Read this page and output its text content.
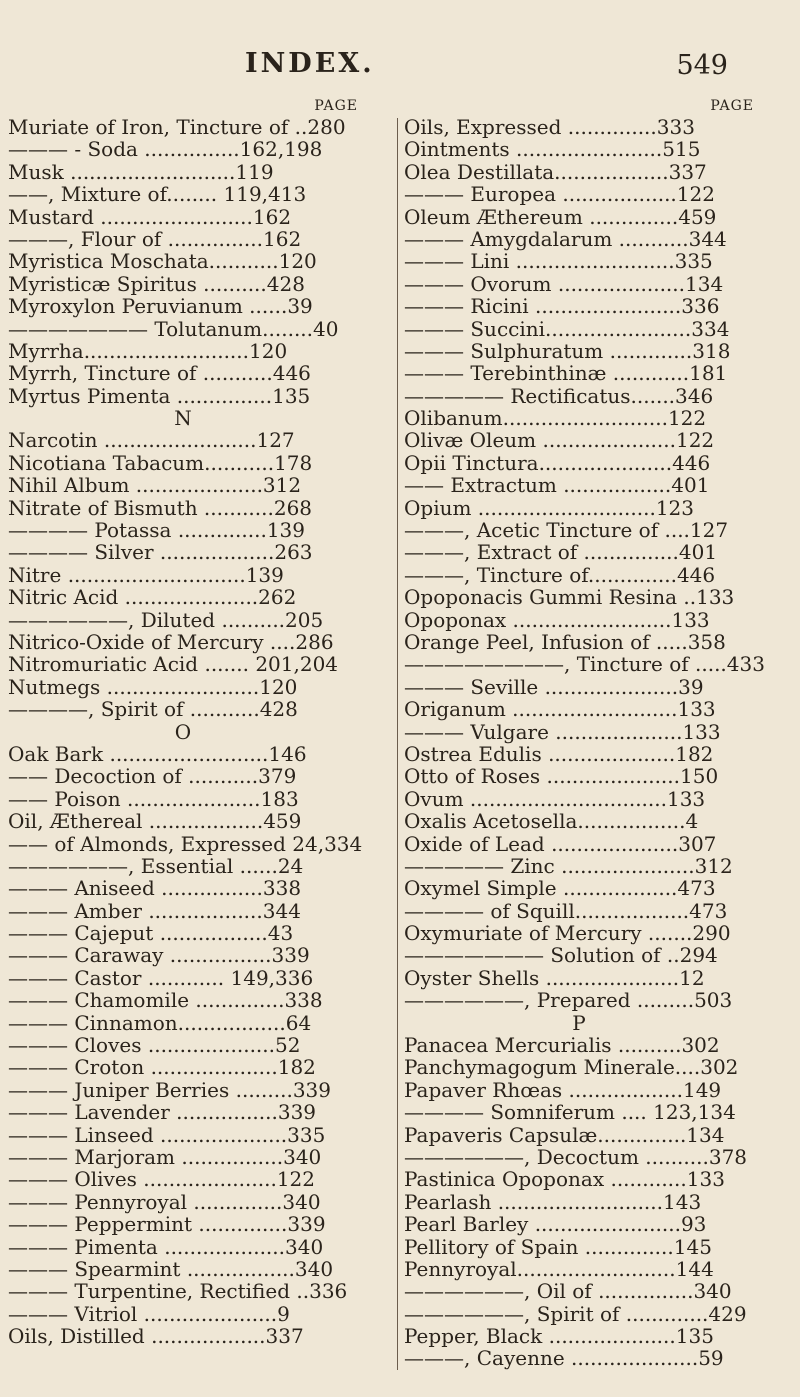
INDEX.	549
PAGE
Muriate of Iron, Tincture of .. 280
——— - Soda ...............162, 198
Musk .......................... 119
——, Mixture of........ 119, 413
Mustard ........................ 162
———, Flour of ............... 162
Myristica Moschata........... 120
Myristicæ Spiritus .......... 428
Myroxylon Peruvianum ...... 39
——————— Tolutanum........ 40
Myrrha.......................... 120
Myrrh, Tincture of ........... 446
Myrtus Pimenta ............... 135
N
Narcotin ........................ 127
Nicotiana Tabacum........... 178
Nihil Album .................... 312
Nitrate of Bismuth ........... 268
———— Potassa .............. 139
———— Silver .................. 263
Nitre ............................ 139
Nitric Acid ..................... 262
——————, Diluted .......... 205
Nitrico-Oxide of Mercury .... 286
Nitromuriatic Acid ....... 201, 204
Nutmegs ........................ 120
————, Spirit of ........... 428
O
Oak Bark ......................... 146
—— Decoction of ........... 379
—— Poison ..................... 183
Oil, Æthereal .................. 459
—— of Almonds, Expressed 24, 334
——————, Essential ...... 24
——— Aniseed ................ 338
——— Amber .................. 344
——— Cajeput ................. 43
——— Caraway ................ 339
——— Castor ............ 149, 336
——— Chamomile .............. 338
——— Cinnamon................. 64
——— Cloves .................... 52
——— Croton .................... 182
——— Juniper Berries ......... 339
——— Lavender ................ 339
——— Linseed .................... 335
——— Marjoram ................ 340
——— Olives ..................... 122
——— Pennyroyal .............. 340
——— Peppermint .............. 339
——— Pimenta ................... 340
——— Spearmint ................. 340
——— Turpentine, Rectified .. 336
——— Vitriol ..................... 9
Oils, Distilled .................. 337
PAGE
Oils, Expressed .............. 333
Ointments ....................... 515
Olea Destillata.................. 337
——— Europea .................. 122
Oleum Æthereum .............. 459
——— Amygdalarum ........... 344
——— Lini ......................... 335
——— Ovorum .................... 134
——— Ricini ....................... 336
——— Succini....................... 334
——— Sulphuratum ............. 318
——— Terebinthinæ ............ 181
————— Rectificatus....... 346
Olibanum.......................... 122
Olivæ Oleum ..................... 122
Opii Tinctura..................... 446
—— Extractum ................. 401
Opium ............................ 123
———, Acetic Tincture of .... 127
———, Extract of ............... 401
———, Tincture of.............. 446
Opoponacis Gummi Resina .. 133
Opoponax ......................... 133
Orange Peel, Infusion of ..... 358
————————, Tincture of ..... 433
——— Seville ..................... 39
Origanum .......................... 133
——— Vulgare .................... 133
Ostrea Edulis .................... 182
Otto of Roses ..................... 150
Ovum ............................... 133
Oxalis Acetosella................. 4
Oxide of Lead .................... 307
————— Zinc ..................... 312
Oxymel Simple .................. 473
———— of Squill.................. 473
Oxymuriate of Mercury ....... 290
——————— Solution of .. 294
Oyster Shells ..................... 12
——————, Prepared ......... 503
P
Panacea Mercurialis .......... 302
Panchymagogum Minerale.... 302
Papaver Rhœas .................. 149
———— Somniferum .... 123, 134
Papaveris Capsulæ.............. 134
——————, Decoctum .......... 378
Pastinica Opoponax ............ 133
Pearlash .......................... 143
Pearl Barley ....................... 93
Pellitory of Spain .............. 145
Pennyroyal......................... 144
——————, Oil of ............... 340
——————, Spirit of ............. 429
Pepper, Black .................... 135
———, Cayenne .................... 59
